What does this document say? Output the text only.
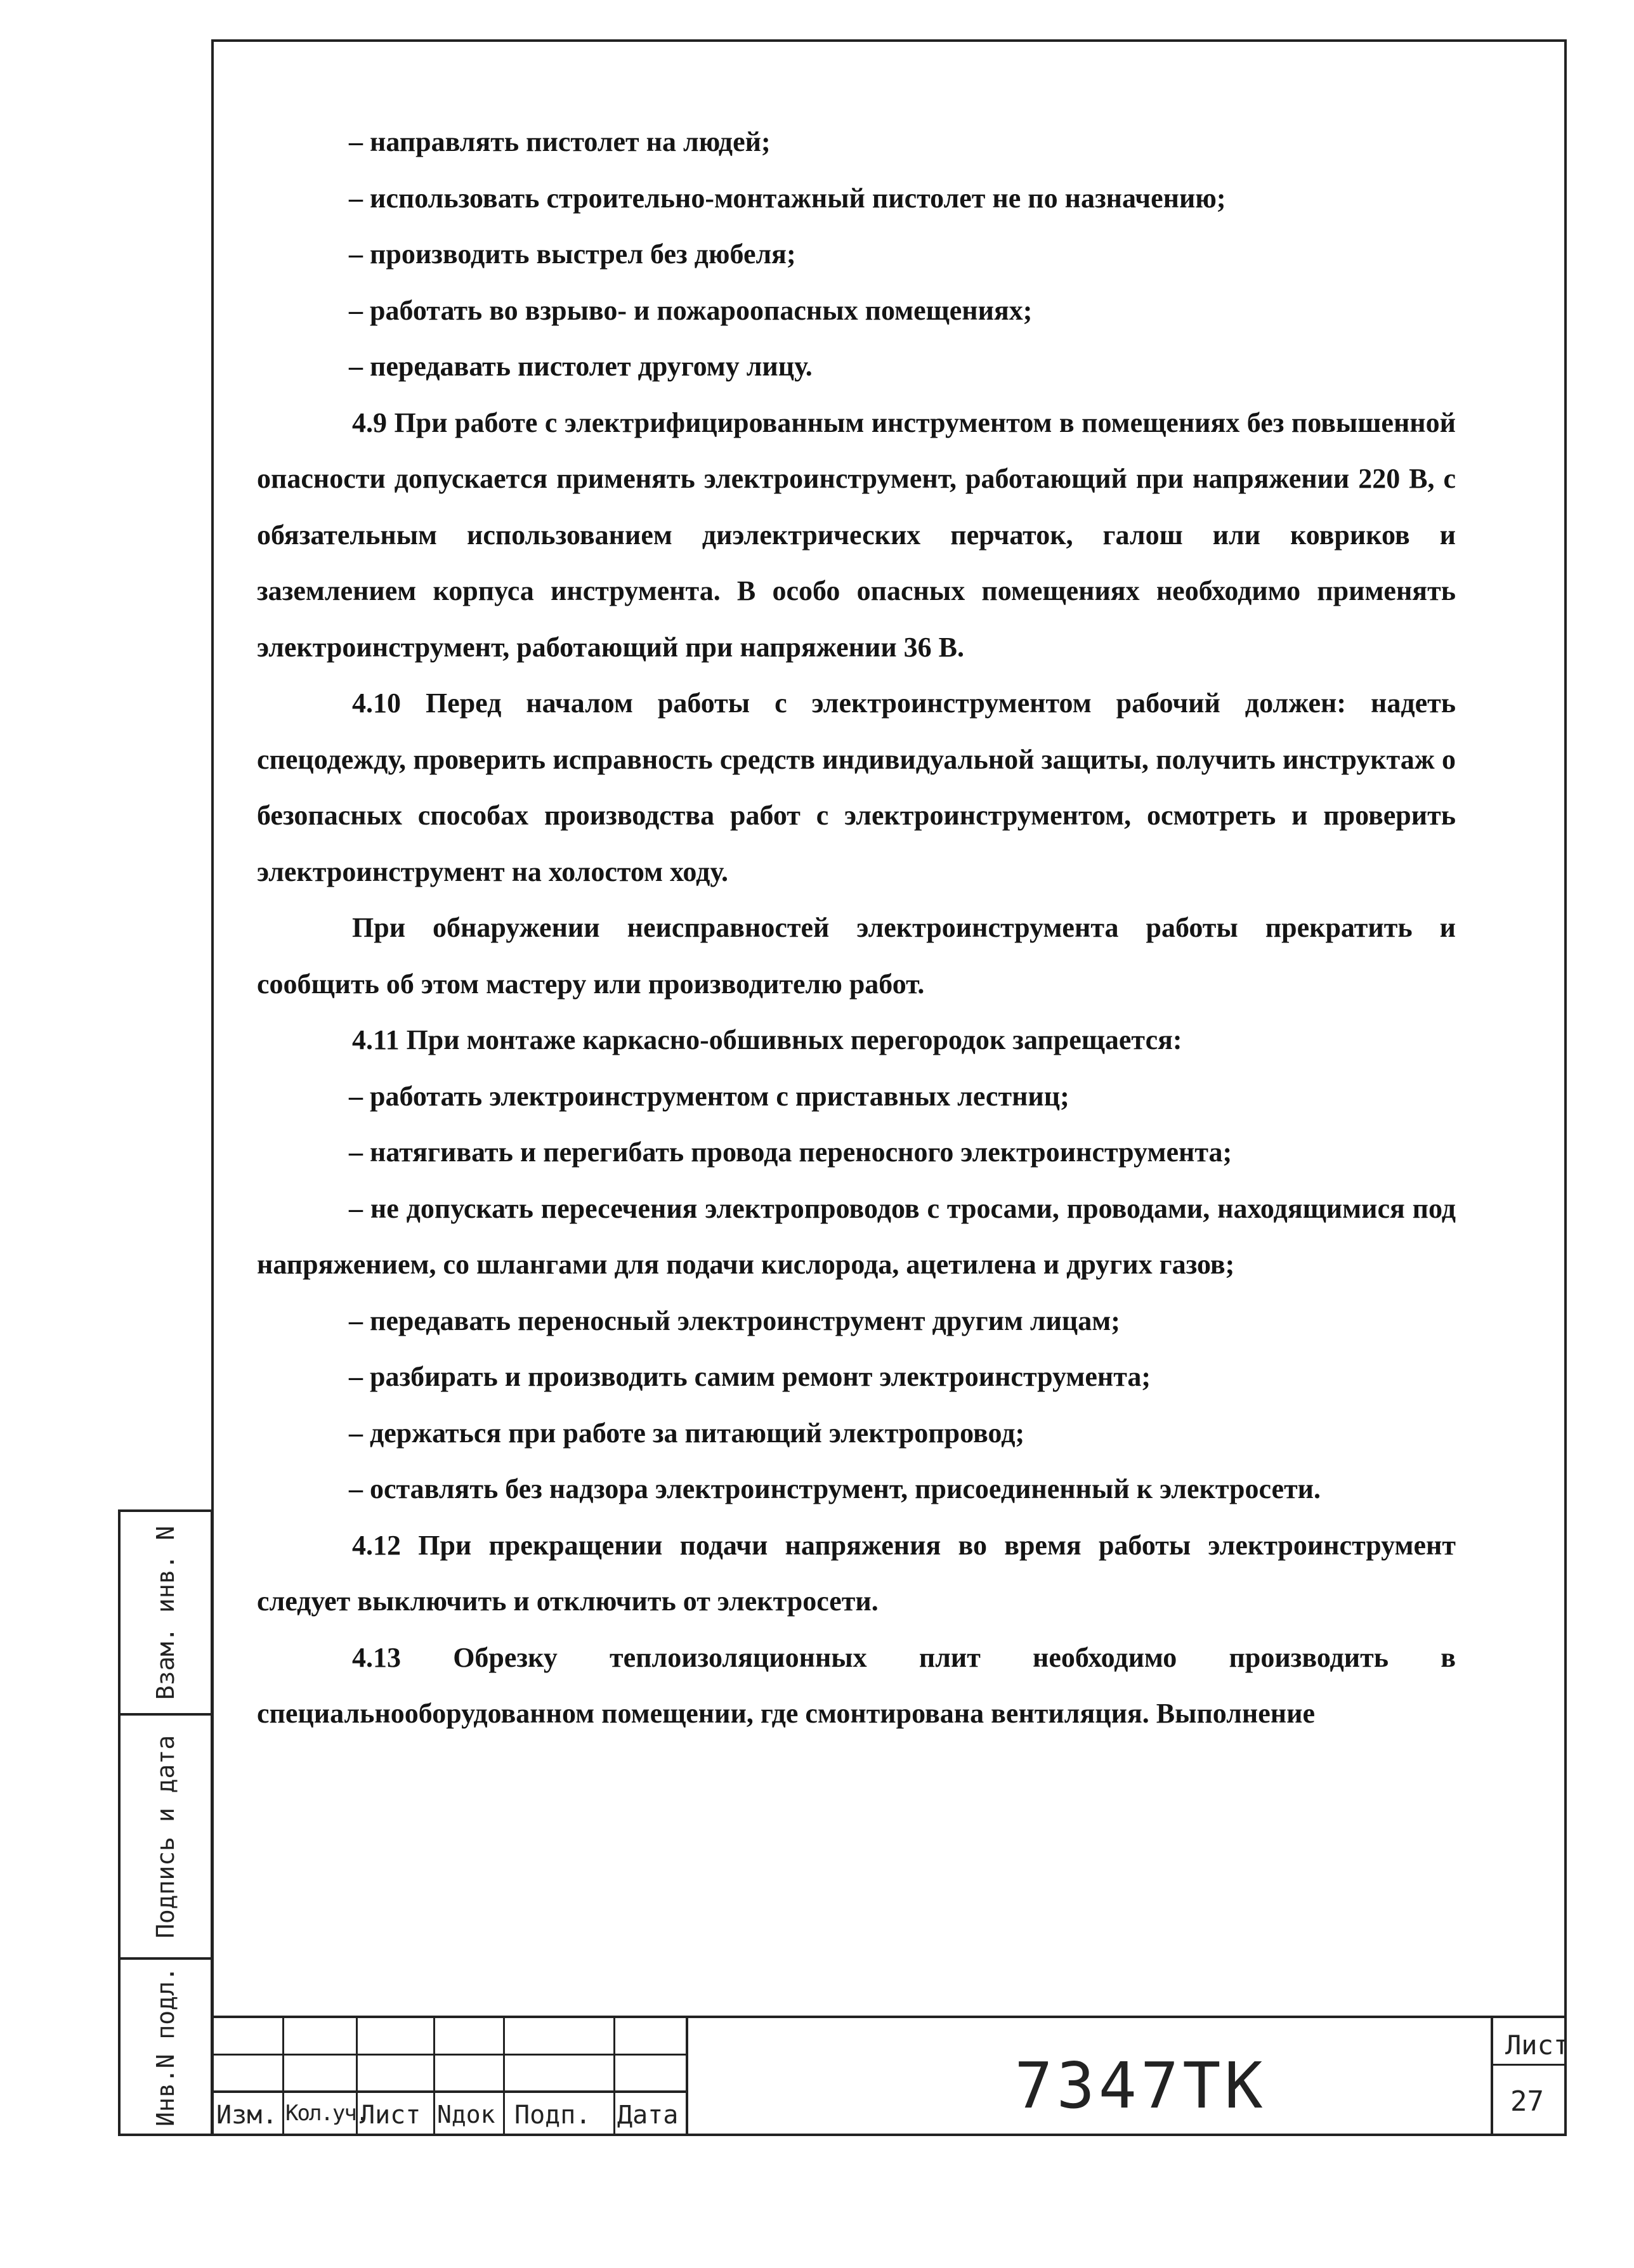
– направлять пистолет на людей;

– использовать строительно-монтажный пистолет не по назначению;

– производить выстрел без дюбеля;

– работать во взрыво- и пожароопасных помещениях;

– передавать пистолет другому лицу.

4.9 При работе с электрифицированным инструментом в помещениях без повышенной опасности допускается применять электроинструмент, работающий при напряжении 220 В, с обязательным использованием диэлектрических перчаток, галош или ковриков и заземлением корпуса инструмента. В особо опасных помещениях необходимо применять электроинструмент, работающий при напряжении 36 В.

4.10 Перед началом работы с электроинструментом рабочий должен: надеть спецодежду, проверить исправность средств индивидуальной защиты, получить инструктаж о безопасных способах производства работ с электроинструментом, осмотреть и проверить электроинструмент на холостом ходу.

При обнаружении неисправностей электроинструмента работы прекратить и сообщить об этом мастеру или производителю работ.

4.11 При монтаже каркасно-обшивных перегородок запрещается:

– работать электроинструментом с приставных лестниц;

– натягивать и перегибать провода переносного электроинструмента;

– не допускать пересечения электропроводов с тросами, проводами, находящимися под напряжением, со шлангами для подачи кислорода, ацетилена и других газов;

– передавать переносный электроинструмент другим лицам;

– разбирать и производить самим ремонт электроинструмента;

– держаться при работе за питающий электропровод;

– оставлять без надзора электроинструмент, присоединенный к электросети.

4.12 При прекращении подачи напряжения во время работы электроинструмент следует выключить и отключить от электросети.

4.13 Обрезку теплоизоляционных плит необходимо производить в специальнооборудованном помещении, где смонтирована вентиляция. Выполнение

Взам. инв. N
Подпись и дата
Инв.N подл. Изм. Кол.уч.
Лист Nдок Подп. Дата	7347ТК
Лист
27
